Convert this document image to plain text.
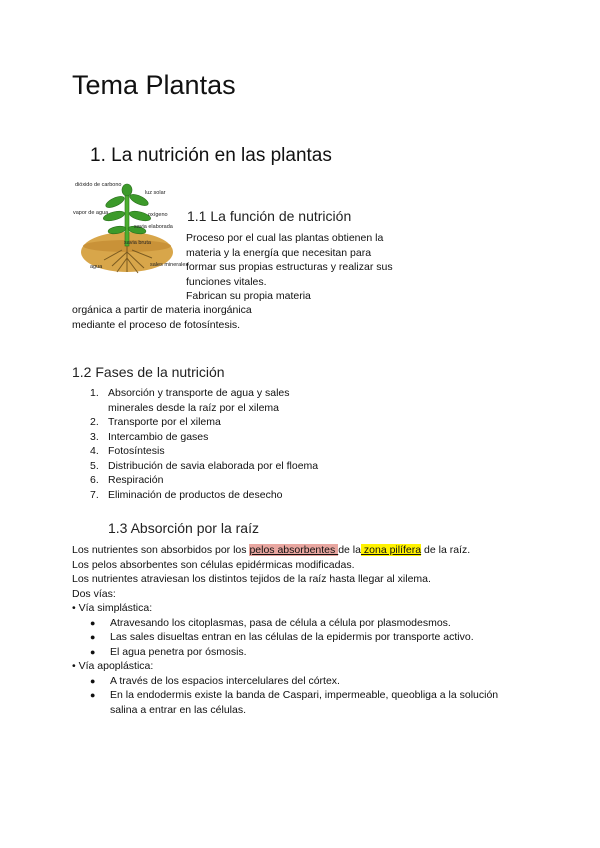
Tema Plantas
1. La nutrición en las plantas
dióxido de carbono
luz solar
vapor de agua	oxígeno
savia elaborada
savia bruta
agua	sales minerales
1.1 La función de nutrición
Proceso por el cual las plantas obtienen la
materia y la energía que necesitan para
formar sus propias estructuras y realizar sus
funciones vitales.
Fabrican su propia materia
orgánica a partir de materia inorgánica
mediante el proceso de fotosíntesis.
1.2 Fases de la nutrición
1. Absorción y transporte de agua y sales
minerales desde la raíz por el xilema
2. Transporte por el xilema
3. Intercambio de gases
4. Fotosíntesis
5. Distribución de savia elaborada por el floema
6. Respiración
7. Eliminación de productos de desecho
1.3 Absorción por la raíz
Los nutrientes son absorbidos por los pelos absorbentes de la zona pilífera de la raíz.
Los pelos absorbentes son células epidérmicas modificadas.
Los nutrientes atraviesan los distintos tejidos de la raíz hasta llegar al xilema.
Dos vías:
• Vía simplástica:
● Atravesando los citoplasmas, pasa de célula a célula por plasmodesmos.
● Las sales disueltas entran en las células de la epidermis por transporte activo.
● El agua penetra por ósmosis.
• Vía apoplástica:
● A través de los espacios intercelulares del córtex.
● En la endodermis existe la banda de Caspari, impermeable, queobliga a la solución
salina a entrar en las células.
